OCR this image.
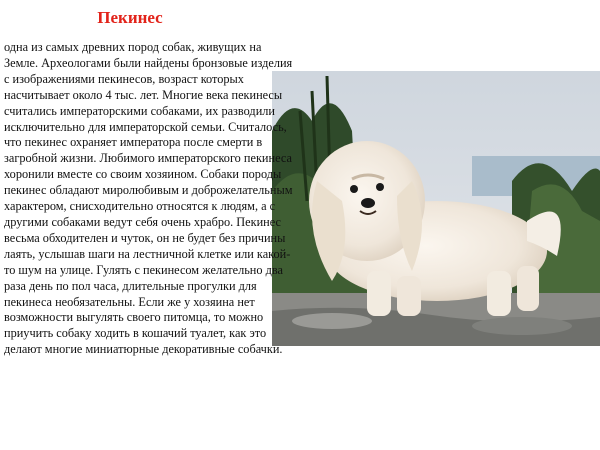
Пекинес

одна из самых древних пород собак, живущих на Земле. Археологами были найдены бронзовые изделия с изображениями пекинесов, возраст которых насчитывает около 4 тыс. лет. Многие века пекинесы считались императорскими собаками, их разводили исключительно для императорской семьи. Считалось, что пекинес охраняет императора после смерти в загробной жизни. Любимого императорского пекинеса хоронили вместе со своим хозяином. Собаки породы пекинес обладают миролюбивым и доброжелательным характером, снисходительно относятся к людям, а с другими собаками ведут себя очень храбро. Пекинес весьма обходителен и чуток, он не будет без причины лаять, услышав шаги на лестничной клетке или какой-то шум на улице. Гулять с пекинесом желательно два раза день по пол часа, длительные прогулки для пекинеса необязательны. Если же у хозяина нет возможности выгулять своего питомца, то можно приучить собаку ходить в кошачий туалет, как это делают многие миниатюрные декоративные собачки.
